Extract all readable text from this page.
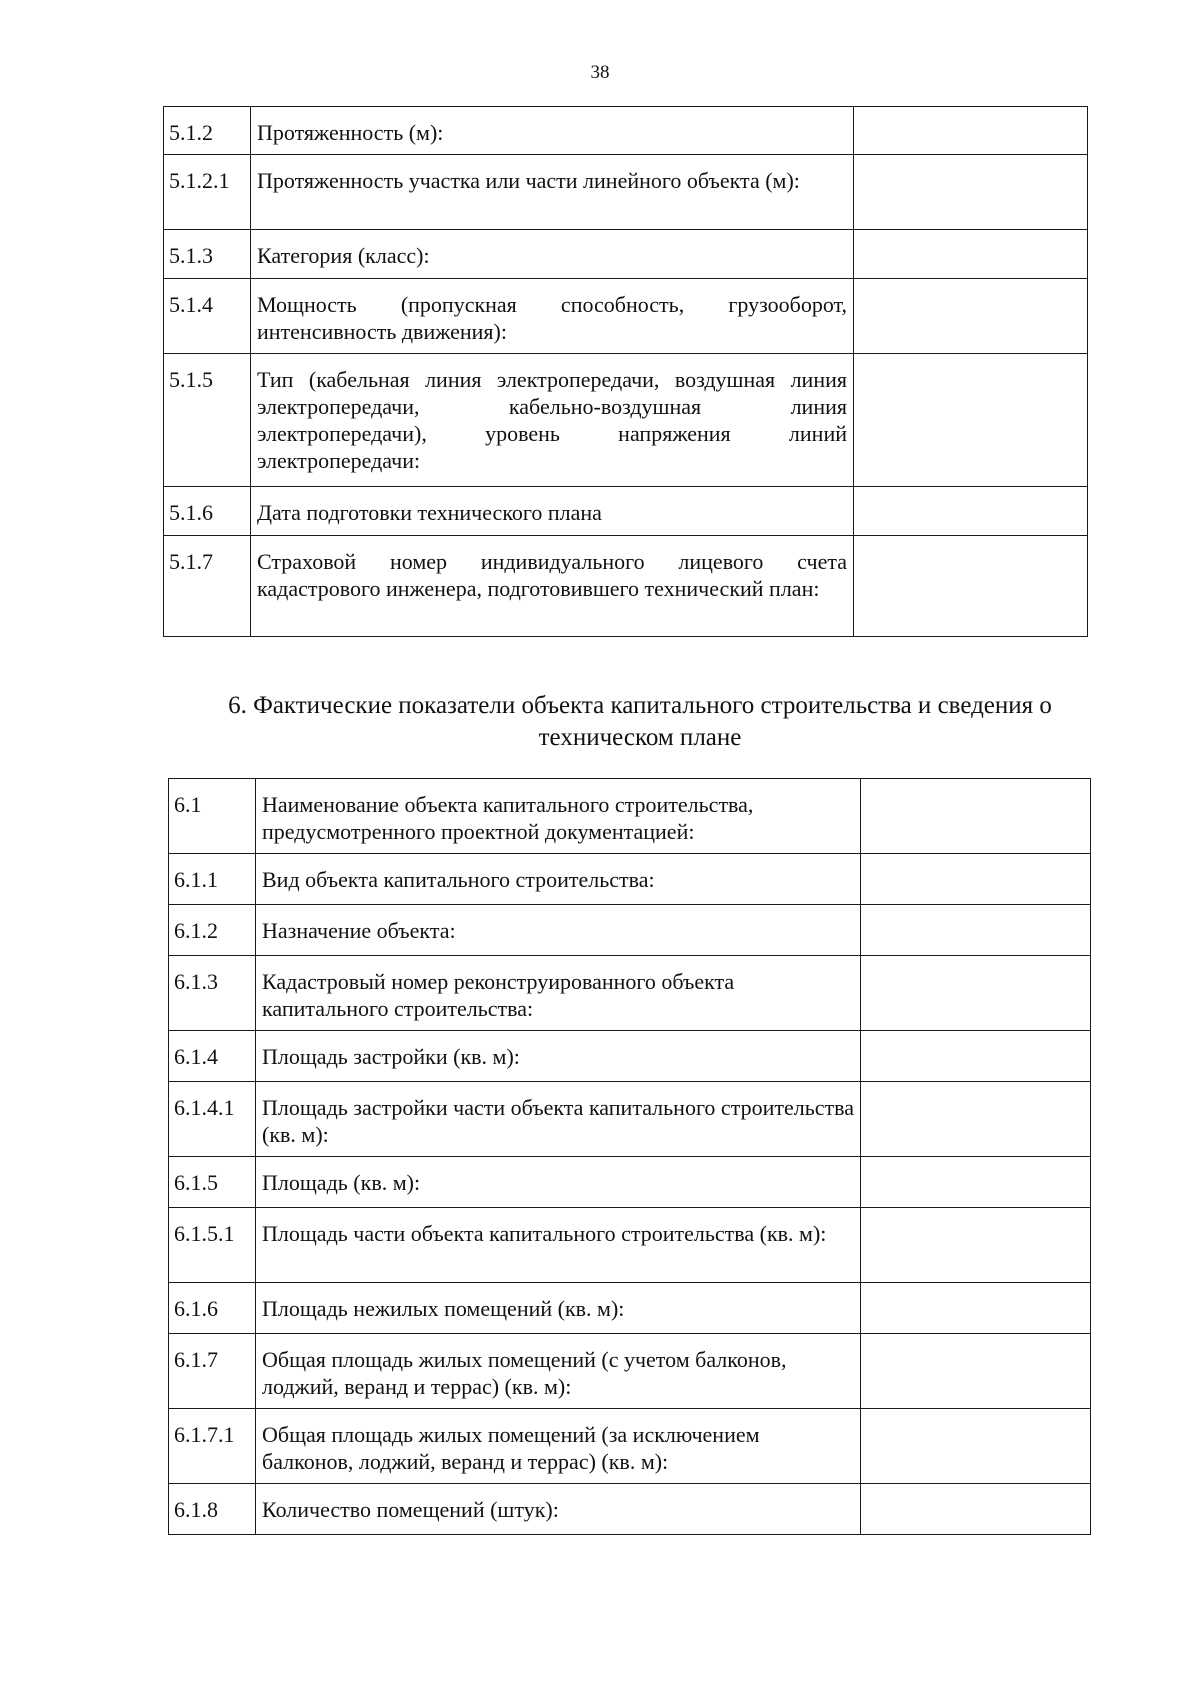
38
5.1.2	Протяженность (м):	
5.1.2.1	Протяженность участка или части линейного объекта (м):	
5.1.3	Категория (класс):	
5.1.4	Мощность (пропускная способность, грузооборот, интенсивность движения):	
5.1.5	Тип (кабельная линия электропередачи, воздушная линия электропередачи, кабельно-воздушная линия электропередачи), уровень напряжения линий электропередачи:	
5.1.6	Дата подготовки технического плана	
5.1.7	Страховой номер индивидуального лицевого счета кадастрового инженера, подготовившего технический план:	
6. Фактические показатели объекта капитального строительства и сведения о техническом плане
6.1	Наименование объекта капитального строительства, предусмотренного проектной документацией:	
6.1.1	Вид объекта капитального строительства:	
6.1.2	Назначение объекта:	
6.1.3	Кадастровый номер реконструированного объекта капитального строительства:	
6.1.4	Площадь застройки (кв. м):	
6.1.4.1	Площадь застройки части объекта капитального строительства (кв. м):	
6.1.5	Площадь (кв. м):	
6.1.5.1	Площадь части объекта капитального строительства (кв. м):	
6.1.6	Площадь нежилых помещений (кв. м):	
6.1.7	Общая площадь жилых помещений (с учетом балконов, лоджий, веранд и террас) (кв. м):	
6.1.7.1	Общая площадь жилых помещений (за исключением балконов, лоджий, веранд и террас) (кв. м):	
6.1.8	Количество помещений (штук):	
